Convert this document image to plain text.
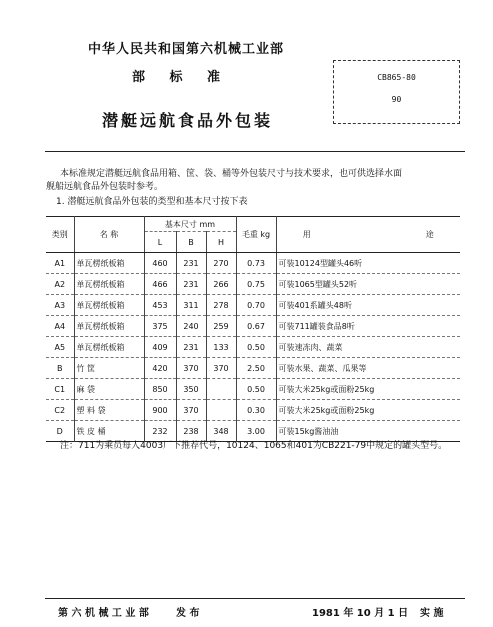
中华人民共和国第六机械工业部
部 标 准
潜艇远航食品外包装
CB865-80
90
本标准规定潜艇远航食品用箱、筐、袋、桶等外包装尺寸与技术要求，也可供选择水面
舰船远航食品外包装时参考。
1. 潜艇远航食品外包装的类型和基本尺寸按下表
类别	名 称	基本尺寸 mm			毛重 kg	用 途
		L	B	H		
A1	单瓦楞纸板箱	460	231	270	0.73	可装10124型罐头46听
A2	单瓦楞纸板箱	466	231	266	0.75	可装1065型罐头52听
A3	单瓦楞纸板箱	453	311	278	0.70	可装401系罐头48听
A4	单瓦楞纸板箱	375	240	259	0.67	可装711罐装食品8听
A5	单瓦楞纸板箱	409	231	133	0.50	可装速冻肉、蔬菜
B	竹 筐	420	370	370	2.50	可装水果、蔬菜、瓜果等
C1	麻 袋	850	350		0.50	可装大米25kg或面粉25kg
C2	塑 料 袋	900	370		0.30	可装大米25kg或面粉25kg
D	铁 皮 桶	232	238	348	3.00	可装15kg酱油油
注：711为乘员每人4003厂下推荐代号，10124、1065和401为CB221-79中规定的罐头型号。
第 六 机 械 工 业 部	发 布	1981 年 10 月 1 日 实 施
